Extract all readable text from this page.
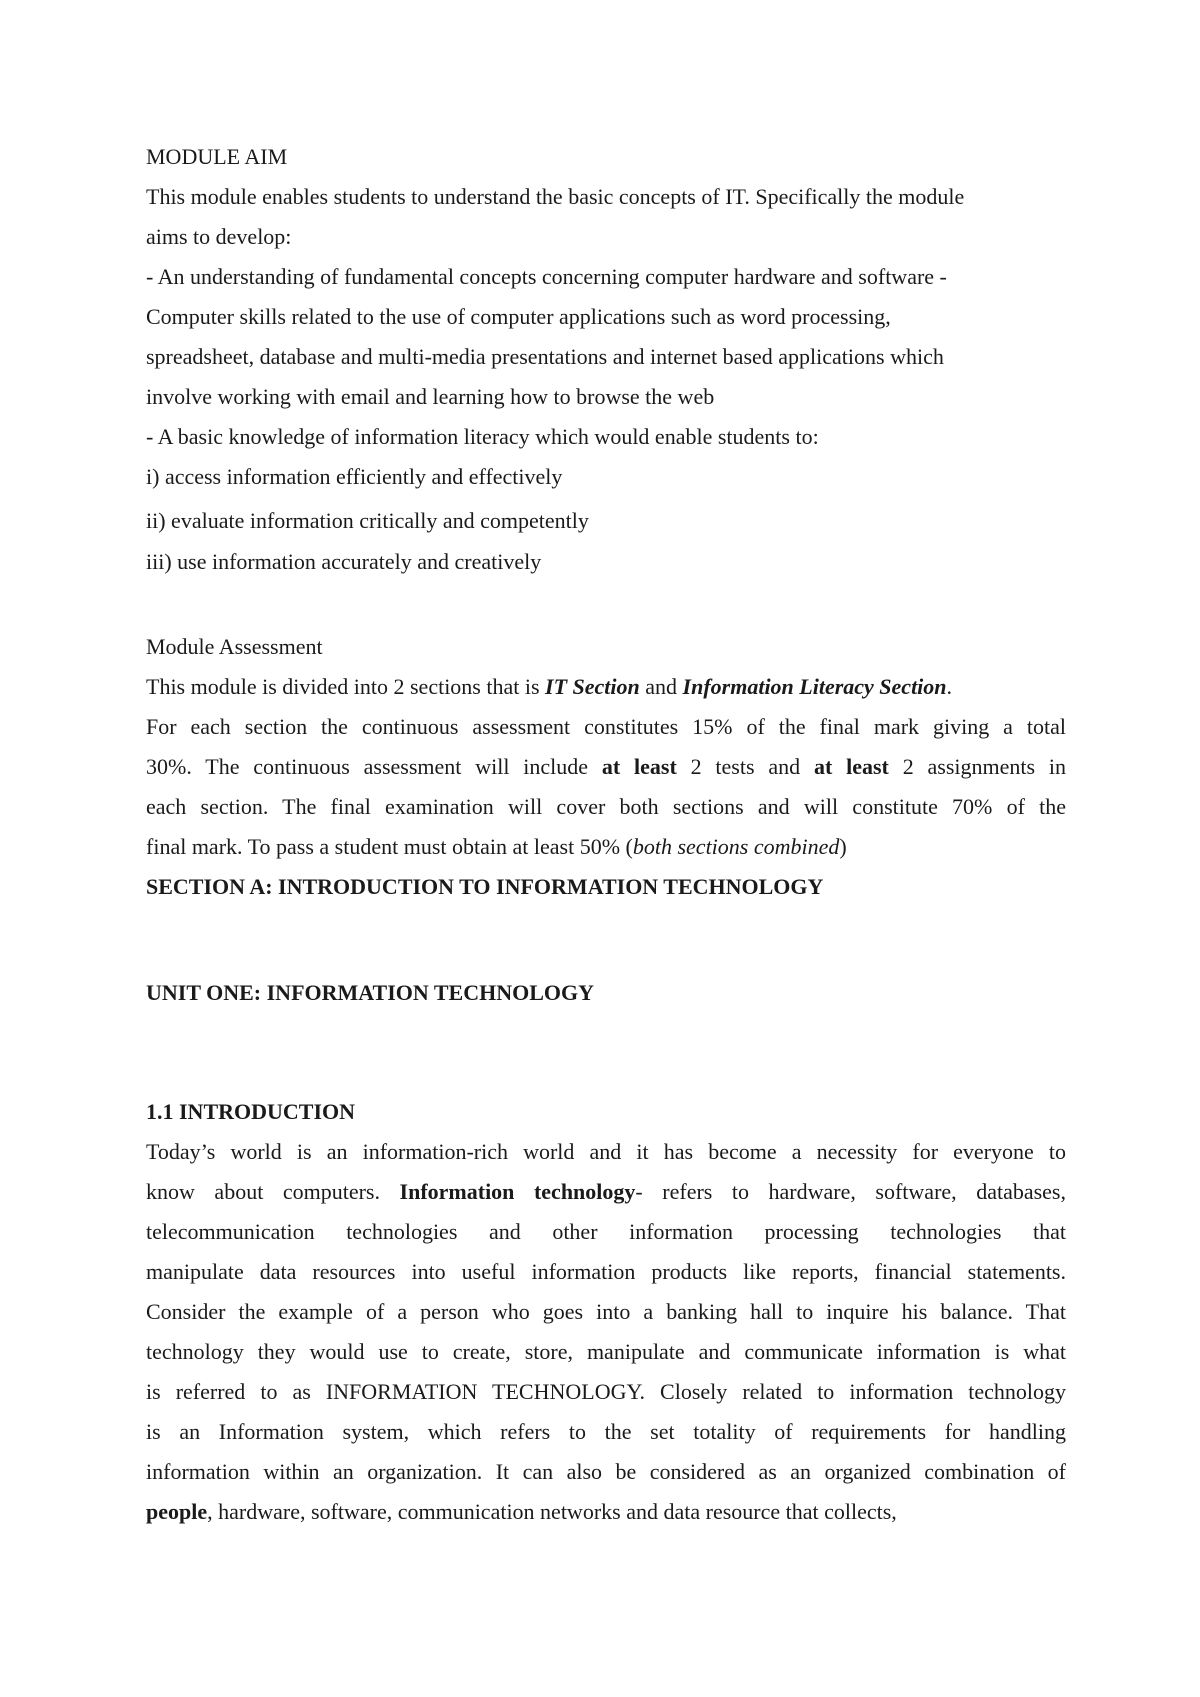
MODULE AIM
This module enables students to understand the basic concepts of IT. Specifically the module
aims to develop:
- An understanding of fundamental concepts concerning computer hardware and software -
Computer skills related to the use of computer applications such as word processing,
spreadsheet, database and multi-media presentations and internet based applications which
involve working with email and learning how to browse the web
- A basic knowledge of information literacy which would enable students to:
i) access information efficiently and effectively
ii) evaluate information critically and competently
iii) use information accurately and creatively
Module Assessment
This module is divided into 2 sections that is IT Section and Information Literacy Section.
For each section the continuous assessment constitutes 15% of the final mark giving a total
30%. The continuous assessment will include at least 2 tests and at least 2 assignments in
each section. The final examination will cover both sections and will constitute 70% of the
final mark. To pass a student must obtain at least 50% (both sections combined)
SECTION A: INTRODUCTION TO INFORMATION TECHNOLOGY
UNIT ONE: INFORMATION TECHNOLOGY
1.1 INTRODUCTION
Today’s world is an information-rich world and it has become a necessity for everyone to
know about computers. Information technology- refers to hardware, software, databases,
telecommunication technologies and other information processing technologies that
manipulate data resources into useful information products like reports, financial statements.
Consider the example of a person who goes into a banking hall to inquire his balance. That
technology they would use to create, store, manipulate and communicate information is what
is referred to as INFORMATION TECHNOLOGY. Closely related to information technology
is an Information system, which refers to the set totality of requirements for handling
information within an organization. It can also be considered as an organized combination of
people, hardware, software, communication networks and data resource that collects,
